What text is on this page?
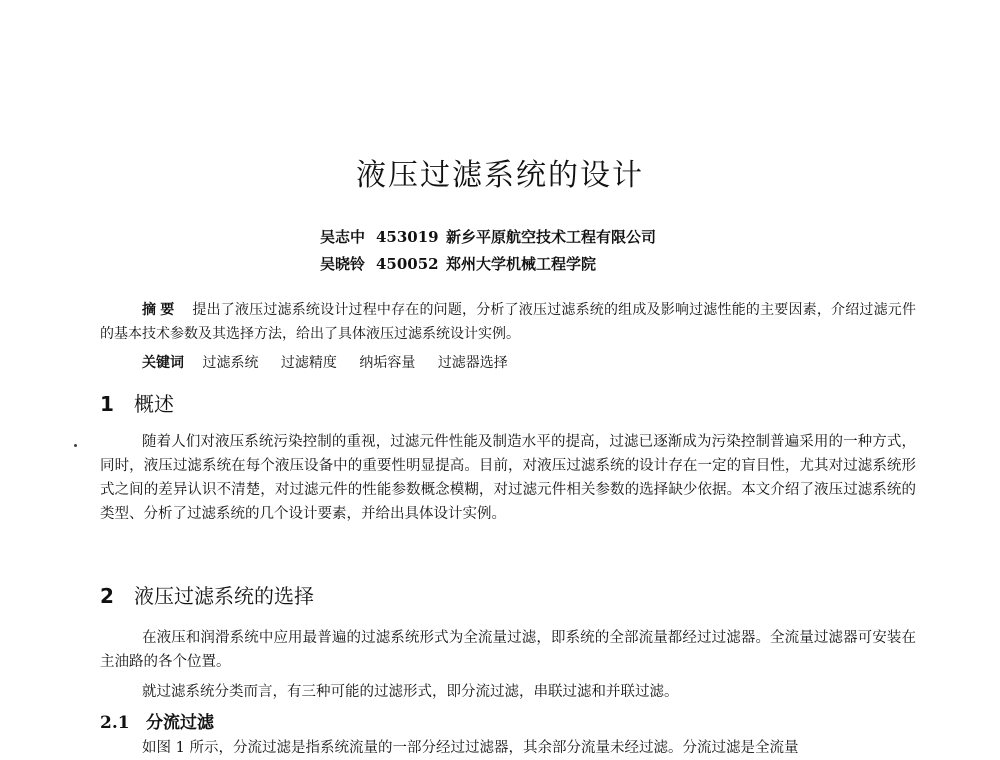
液压过滤系统的设计
吴志中 453019 新乡平原航空技术工程有限公司
吴晓铃 450052 郑州大学机械工程学院

摘要 提出了液压过滤系统设计过程中存在的问题，分析了液压过滤系统的组成及影响过滤性能的主要因素，介绍过滤元件的基本技术参数及其选择方法，给出了具体液压过滤系统设计实例。

关键词 过滤系统 过滤精度 纳垢容量 过滤器选择
1 概述

随着人们对液压系统污染控制的重视，过滤元件性能及制造水平的提高，过滤已逐渐成为污染控制普遍采用的一种方式，同时，液压过滤系统在每个液压设备中的重要性明显提高。目前，对液压过滤系统的设计存在一定的盲目性，尤其对过滤系统形式之间的差异认识不清楚，对过滤元件的性能参数概念模糊，对过滤元件相关参数的选择缺少依据。本文介绍了液压过滤系统的类型、分析了过滤系统的几个设计要素，并给出具体设计实例。

2 液压过滤系统的选择

在液压和润滑系统中应用最普遍的过滤系统形式为全流量过滤，即系统的全部流量都经过过滤器。全流量过滤器可安装在主油路的各个位置。

就过滤系统分类而言，有三种可能的过滤形式，即分流过滤，串联过滤和并联过滤。

2.1 分流过滤

如图 1 所示，分流过滤是指系统流量的一部分经过过滤器，其余部分流量未经过滤。分流过滤是全流量
